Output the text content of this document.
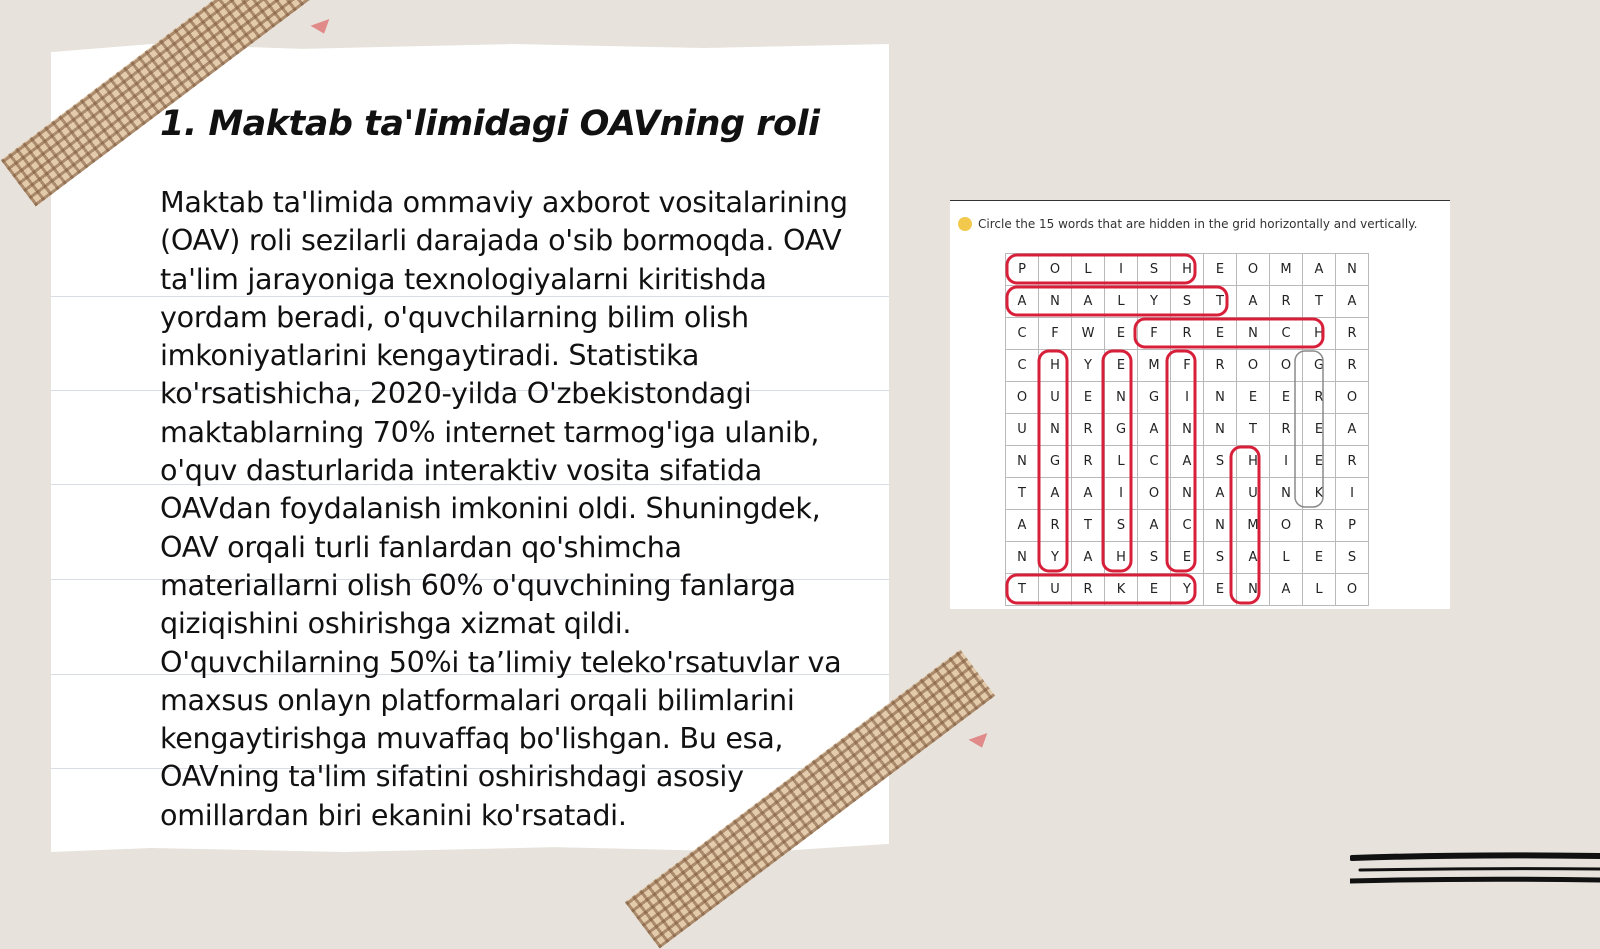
1. Maktab ta'limidagi OAVning roli

Maktab ta'limida ommaviy axborot vositalarining (OAV) roli sezilarli darajada o'sib bormoqda. OAV ta'lim jarayoniga texnologiyalarni kiritishda yordam beradi, o'quvchilarning bilim olish imkoniyatlarini kengaytiradi. Statistika ko'rsatishicha, 2020-yilda O'zbekistondagi maktablarning 70% internet tarmog'iga ulanib, o'quv dasturlarida interaktiv vosita sifatida OAVdan foydalanish imkonini oldi. Shuningdek, OAV orqali turli fanlardan qo'shimcha materiallarni olish 60% o'quvchining fanlarga qiziqishini oshirishga xizmat qildi. O'quvchilarning 50%i ta’limiy teleko'rsatuvlar va maxsus onlayn platformalari orqali bilimlarini kengaytirishga muvaffaq bo'lishgan. Bu esa, OAVning ta'lim sifatini oshirishdagi asosiy omillardan biri ekanini ko'rsatadi.

Circle the 15 words that are hidden in the grid horizontally and vertically.
P	O	L	I	S	H	E	O	M	A	N
A	N	A	L	Y	S	T	A	R	T	A
C	F	W	E	F	R	E	N	C	H	R
C	H	Y	E	M	F	R	O	O	G	R
O	U	E	N	G	I	N	E	E	R	O
U	N	R	G	A	N	N	T	R	E	A
N	G	R	L	C	A	S	H	I	E	R
T	A	A	I	O	N	A	U	N	K	I
A	R	T	S	A	C	N	M	O	R	P
N	Y	A	H	S	E	S	A	L	E	S
T	U	R	K	E	Y	E	N	A	L	O
